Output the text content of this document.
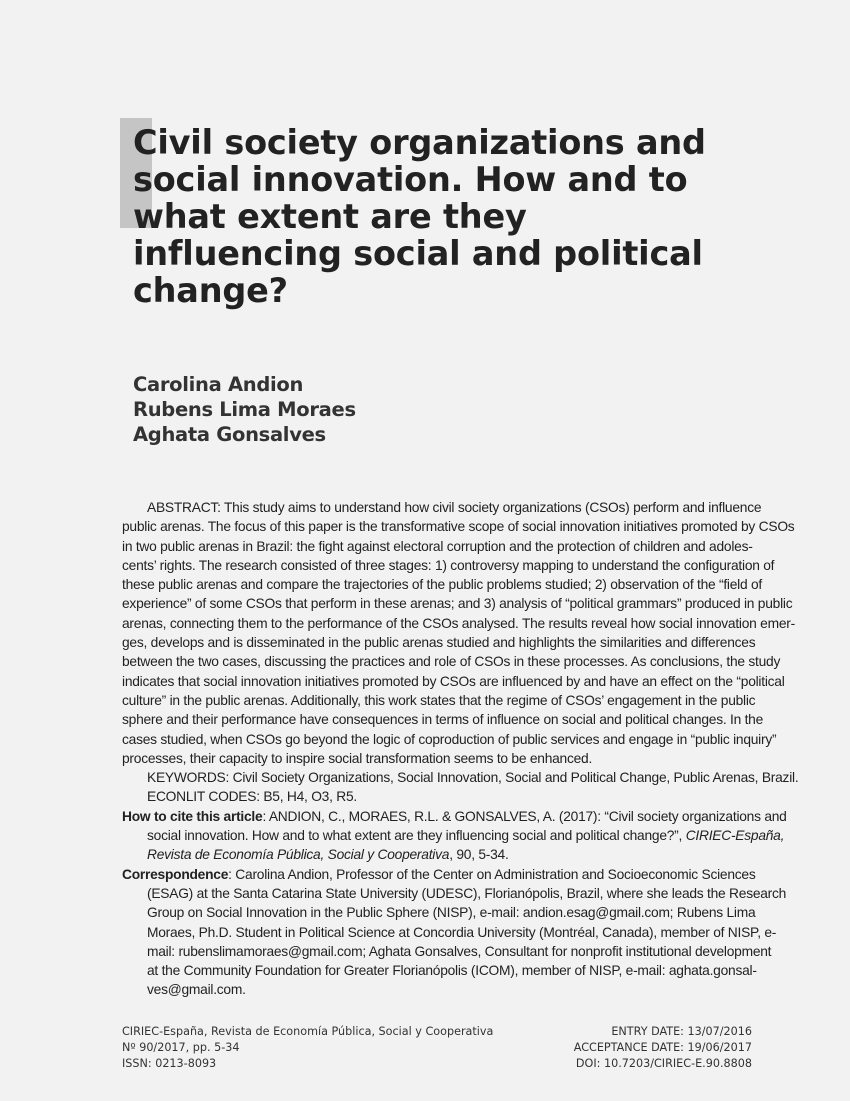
Civil society organizations and
social innovation. How and to
what extent are they
influencing social and political
change?
Carolina Andion
Rubens Lima Moraes
Aghata Gonsalves

ABSTRACT: This study aims to understand how civil society organizations (CSOs) perform and influence
public arenas. The focus of this paper is the transformative scope of social innovation initiatives promoted by CSOs
in two public arenas in Brazil: the fight against electoral corruption and the protection of children and adoles-
cents’ rights. The research consisted of three stages: 1) controversy mapping to understand the configuration of
these public arenas and compare the trajectories of the public problems studied; 2) observation of the “field of
experience” of some CSOs that perform in these arenas; and 3) analysis of “political grammars” produced in public
arenas, connecting them to the performance of the CSOs analysed. The results reveal how social innovation emer-
ges, develops and is disseminated in the public arenas studied and highlights the similarities and differences
between the two cases, discussing the practices and role of CSOs in these processes. As conclusions, the study
indicates that social innovation initiatives promoted by CSOs are influenced by and have an effect on the “political
culture” in the public arenas. Additionally, this work states that the regime of CSOs’ engagement in the public
sphere and their performance have consequences in terms of influence on social and political changes. In the
cases studied, when CSOs go beyond the logic of coproduction of public services and engage in “public inquiry”
processes, their capacity to inspire social transformation seems to be enhanced.

KEYWORDS: Civil Society Organizations, Social Innovation, Social and Political Change, Public Arenas, Brazil.
ECONLIT CODES: B5, H4, O3, R5.

How to cite this article: ANDION, C., MORAES, R.L. & GONSALVES, A. (2017): “Civil society organizations and
social innovation. How and to what extent are they influencing social and political change?”, CIRIEC-España,
Revista de Economía Pública, Social y Cooperativa, 90, 5-34.

Correspondence: Carolina Andion, Professor of the Center on Administration and Socioeconomic Sciences
(ESAG) at the Santa Catarina State University (UDESC), Florianópolis, Brazil, where she leads the Research
Group on Social Innovation in the Public Sphere (NISP), e-mail: andion.esag@gmail.com; Rubens Lima
Moraes, Ph.D. Student in Political Science at Concordia University (Montréal, Canada), member of NISP, e-
mail: rubenslimamoraes@gmail.com; Aghata Gonsalves, Consultant for nonprofit institutional development
at the Community Foundation for Greater Florianópolis (ICOM), member of NISP, e-mail: aghata.gonsal-
ves@gmail.com.

CIRIEC-España, Revista de Economía Pública, Social y Cooperativa
Nº 90/2017, pp. 5-34
ISSN: 0213-8093
ENTRY DATE: 13/07/2016
ACCEPTANCE DATE: 19/06/2017
DOI: 10.7203/CIRIEC-E.90.8808
